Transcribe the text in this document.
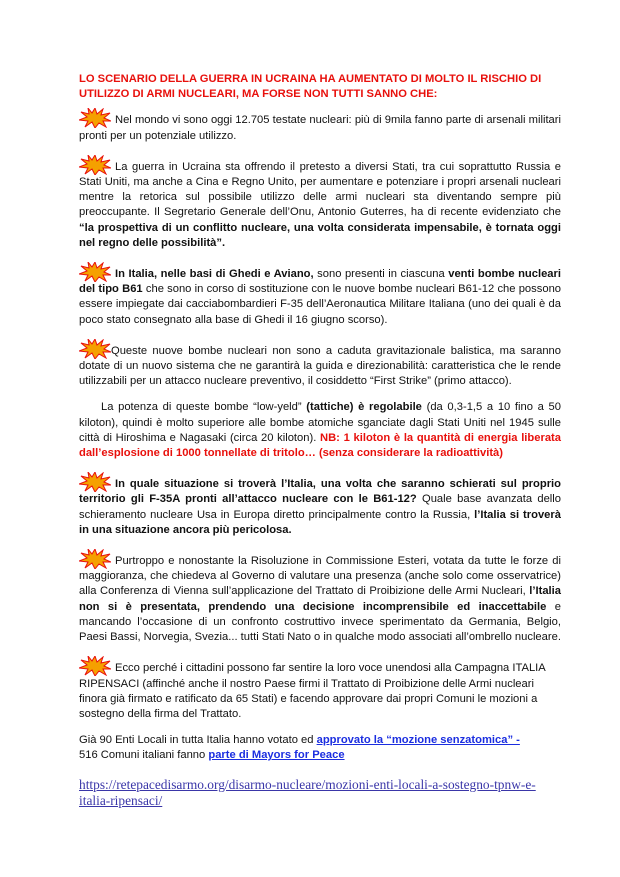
LO SCENARIO DELLA GUERRA IN UCRAINA HA AUMENTATO DI MOLTO IL RISCHIO DI UTILIZZO DI ARMI NUCLEARI, MA FORSE NON TUTTI SANNO CHE:

Nel mondo vi sono oggi 12.705 testate nucleari: più di 9mila fanno parte di arsenali militari pronti per un potenziale utilizzo.

La guerra in Ucraina sta offrendo il pretesto a diversi Stati, tra cui soprattutto Russia e Stati Uniti, ma anche a Cina e Regno Unito, per aumentare e potenziare i propri arsenali nucleari mentre la retorica sul possibile utilizzo delle armi nucleari sta diventando sempre più preoccupante. Il Segretario Generale dell’Onu, Antonio Guterres, ha di recente evidenziato che “la prospettiva di un conflitto nucleare, una volta considerata impensabile, è tornata oggi nel regno delle possibilità”.

In Italia, nelle basi di Ghedi e Aviano, sono presenti in ciascuna venti bombe nucleari del tipo B61 che sono in corso di sostituzione con le nuove bombe nucleari B61-12 che possono essere impiegate dai cacciabombardieri F-35 dell’Aeronautica Militare Italiana (uno dei quali è da poco stato consegnato alla base di Ghedi il 16 giugno scorso).

Queste nuove bombe nucleari non sono a caduta gravitazionale balistica, ma saranno dotate di un nuovo sistema che ne garantirà la guida e direzionabilità: caratteristica che le rende utilizzabili per un attacco nucleare preventivo, il cosiddetto “First Strike” (primo attacco).

La potenza di queste bombe “low-yeld” (tattiche) è regolabile (da 0,3-1,5 a 10 fino a 50 kiloton), quindi è molto superiore alle bombe atomiche sganciate dagli Stati Uniti nel 1945 sulle città di Hiroshima e Nagasaki (circa 20 kiloton). NB: 1 kiloton è la quantità di energia liberata dall’esplosione di 1000 tonnellate di tritolo… (senza considerare la radioattività)

In quale situazione si troverà l’Italia, una volta che saranno schierati sul proprio territorio gli F-35A pronti all’attacco nucleare con le B61-12? Quale base avanzata dello schieramento nucleare Usa in Europa diretto principalmente contro la Russia, l’Italia si troverà in una situazione ancora più pericolosa.

Purtroppo e nonostante la Risoluzione in Commissione Esteri, votata da tutte le forze di maggioranza, che chiedeva al Governo di valutare una presenza (anche solo come osservatrice) alla Conferenza di Vienna sull’applicazione del Trattato di Proibizione delle Armi Nucleari, l’Italia non si è presentata, prendendo una decisione incomprensibile ed inaccettabile e mancando l’occasione di un confronto costruttivo invece sperimentato da Germania, Belgio, Paesi Bassi, Norvegia, Svezia... tutti Stati Nato o in qualche modo associati all’ombrello nucleare.

Ecco perché i cittadini possono far sentire la loro voce unendosi alla Campagna ITALIA RIPENSACI (affinché anche il nostro Paese firmi il Trattato di Proibizione delle Armi nucleari finora già firmato e ratificato da 65 Stati) e facendo approvare dai propri Comuni le mozioni a sostegno della firma del Trattato.

Già 90 Enti Locali in tutta Italia hanno votato ed approvato la “mozione senzatomica” -
516 Comuni italiani fanno parte di Mayors for Peace

https://retepacedisarmo.org/disarmo-nucleare/mozioni-enti-locali-a-sostegno-tpnw-e-italia-ripensaci/
